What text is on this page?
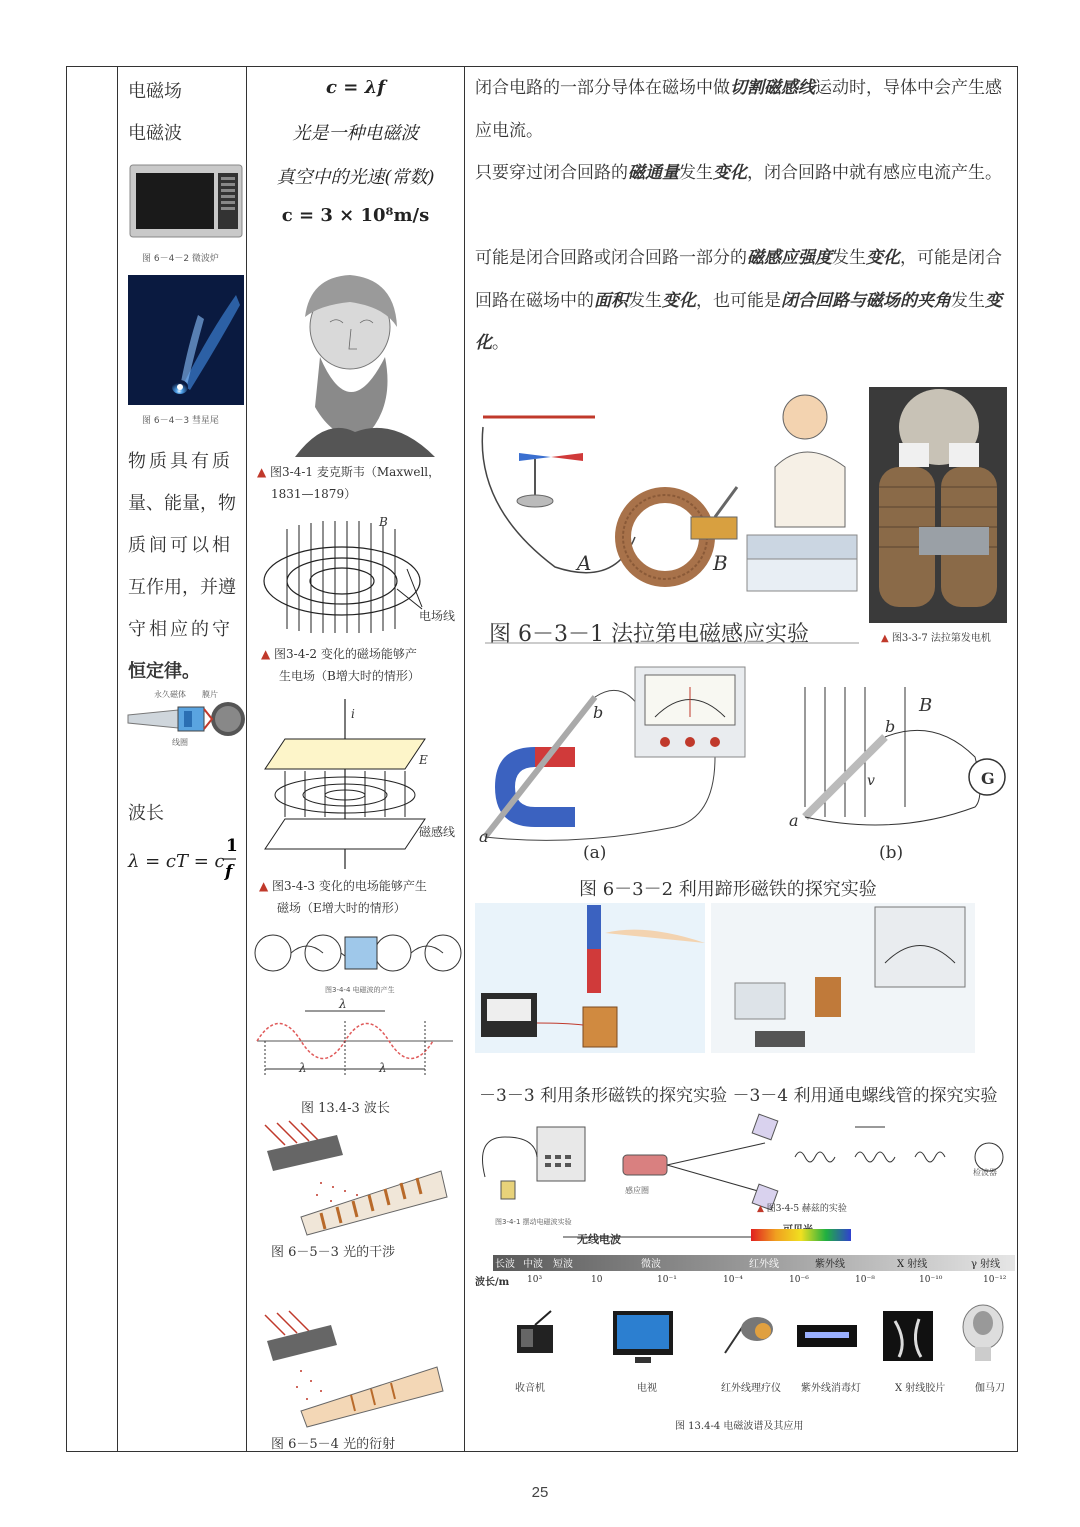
电磁场
电磁波
图 6－4－2 微波炉
图 6－4－3 彗星尾
物质具有质
量、能量，物
质间可以相
互作用，并遵
守相应的守
恒定律。
永久磁体 膜片
线圈
波长
λ = cT = c
1
f
c = λf
光是一种电磁波
真空中的光速(常数)
c = 3 × 10⁸m/s
▲ 图3-4-1 麦克斯韦（Maxwell，
1831—1879）
B
电场线
▲ 图3-4-2 变化的磁场能够产
生电场（B增大时的情形）
i
E
磁感线
▲ 图3-4-3 变化的电场能够产生
磁场（E增大时的情形）
图3-4-4 电磁波的产生
λ
λ	λ
图 13.4-3 波长
图 6－5－3 光的干涉
图 6－5－4 光的衍射
闭合电路的一部分导体在磁场中做切割磁感线运动时，导体中会产生感应电流。
只要穿过闭合回路的磁通量发生变化，闭合回路中就有感应电流产生。
可能是闭合回路或闭合回路一部分的磁感应强度发生变化，可能是闭合回路在磁场中的面积发生变化，也可能是闭合回路与磁场的夹角发生变化。
A	B
图 6－3－1 法拉第电磁感应实验	▲ 图3-3-7 法拉第发电机
a
b
a
b
B
v	G
(a)	(b)
图 6－3－2 利用蹄形磁铁的探究实验
－3－3 利用条形磁铁的探究实验 －3－4 利用通电螺线管的探究实验
图3-4-1 摆动电磁波实验
感应圈
▲ 图3-4-5 赫兹的实验
检波器
无线电波
长波 中波 短波	微波	红外线	紫外线	X 射线	γ 射线
波长/m 10³	10	10⁻¹	10⁻⁴	10⁻⁶	10⁻⁸	10⁻¹⁰	10⁻¹²
收音机	电视	红外线理疗仪 紫外线消毒灯	X 射线胶片	伽马刀
图 13.4-4 电磁波谱及其应用
25
